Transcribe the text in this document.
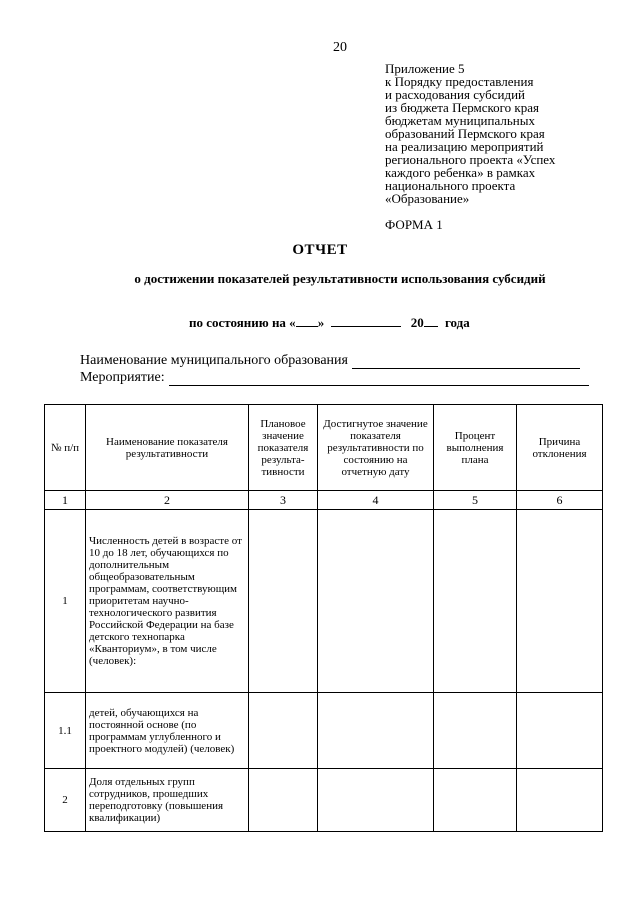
20
Приложение 5
к Порядку предоставления
и расходования субсидий
из бюджета Пермского края
бюджетам муниципальных
образований Пермского края
на реализацию мероприятий
регионального проекта «Успех
каждого ребенка» в рамках
национального проекта
«Образование»
ФОРМА 1
ОТЧЕТ
о достижении показателей результативности использования субсидий
по состоянию на « »	20 года
Наименование муниципального образования
Мероприятие:
№ п/п	Наименование показателя результативности	Плановое значение показателя результа-тивности	Достигнутое значение показателя результативности по состоянию на отчетную дату	Процент выполнения плана	Причина отклонения
1	2	3	4	5	6
1	Численность детей в возрасте от 10 до 18 лет, обучающихся по дополнительным общеобразовательным программам, соответствующим приоритетам научно-технологического развития Российской Федерации на базе детского технопарка «Кванториум», в том числе (человек):				
1.1	детей, обучающихся на постоянной основе (по программам углубленного и проектного модулей) (человек)				
2	Доля отдельных групп сотрудников, прошедших переподготовку (повышения квалификации)				
